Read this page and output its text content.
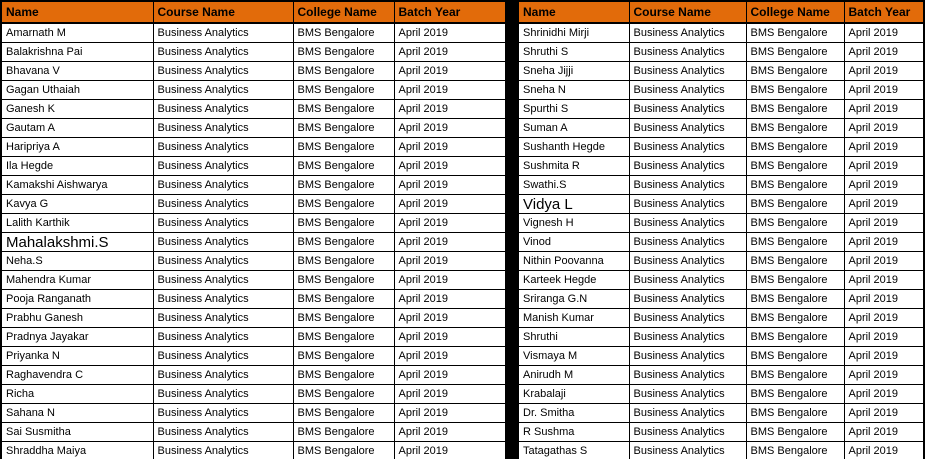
Name	Course Name	College Name	Batch Year
Amarnath M	Business Analytics	BMS Bengalore	April 2019
Balakrishna Pai	Business Analytics	BMS Bengalore	April 2019
Bhavana V	Business Analytics	BMS Bengalore	April 2019
Gagan Uthaiah	Business Analytics	BMS Bengalore	April 2019
Ganesh K	Business Analytics	BMS Bengalore	April 2019
Gautam A	Business Analytics	BMS Bengalore	April 2019
Haripriya A	Business Analytics	BMS Bengalore	April 2019
Ila Hegde	Business Analytics	BMS Bengalore	April 2019
Kamakshi Aishwarya	Business Analytics	BMS Bengalore	April 2019
Kavya G	Business Analytics	BMS Bengalore	April 2019
Lalith Karthik	Business Analytics	BMS Bengalore	April 2019
Mahalakshmi.S	Business Analytics	BMS Bengalore	April 2019
Neha.S	Business Analytics	BMS Bengalore	April 2019
Mahendra Kumar	Business Analytics	BMS Bengalore	April 2019
Pooja Ranganath	Business Analytics	BMS Bengalore	April 2019
Prabhu Ganesh	Business Analytics	BMS Bengalore	April 2019
Pradnya Jayakar	Business Analytics	BMS Bengalore	April 2019
Priyanka N	Business Analytics	BMS Bengalore	April 2019
Raghavendra C	Business Analytics	BMS Bengalore	April 2019
Richa	Business Analytics	BMS Bengalore	April 2019
Sahana N	Business Analytics	BMS Bengalore	April 2019
Sai Susmitha	Business Analytics	BMS Bengalore	April 2019
Shraddha Maiya	Business Analytics	BMS Bengalore	April 2019
Name	Course Name	College Name	Batch Year
Shrinidhi Mirji	Business Analytics	BMS Bengalore	April 2019
Shruthi S	Business Analytics	BMS Bengalore	April 2019
Sneha Jijji	Business Analytics	BMS Bengalore	April 2019
Sneha N	Business Analytics	BMS Bengalore	April 2019
Spurthi S	Business Analytics	BMS Bengalore	April 2019
Suman A	Business Analytics	BMS Bengalore	April 2019
Sushanth Hegde	Business Analytics	BMS Bengalore	April 2019
Sushmita R	Business Analytics	BMS Bengalore	April 2019
Swathi.S	Business Analytics	BMS Bengalore	April 2019
Vidya L	Business Analytics	BMS Bengalore	April 2019
Vignesh H	Business Analytics	BMS Bengalore	April 2019
Vinod	Business Analytics	BMS Bengalore	April 2019
Nithin Poovanna	Business Analytics	BMS Bengalore	April 2019
Karteek Hegde	Business Analytics	BMS Bengalore	April 2019
Sriranga G.N	Business Analytics	BMS Bengalore	April 2019
Manish Kumar	Business Analytics	BMS Bengalore	April 2019
Shruthi	Business Analytics	BMS Bengalore	April 2019
Vismaya M	Business Analytics	BMS Bengalore	April 2019
Anirudh M	Business Analytics	BMS Bengalore	April 2019
Krabalaji	Business Analytics	BMS Bengalore	April 2019
Dr. Smitha	Business Analytics	BMS Bengalore	April 2019
R Sushma	Business Analytics	BMS Bengalore	April 2019
Tatagathas S	Business Analytics	BMS Bengalore	April 2019
